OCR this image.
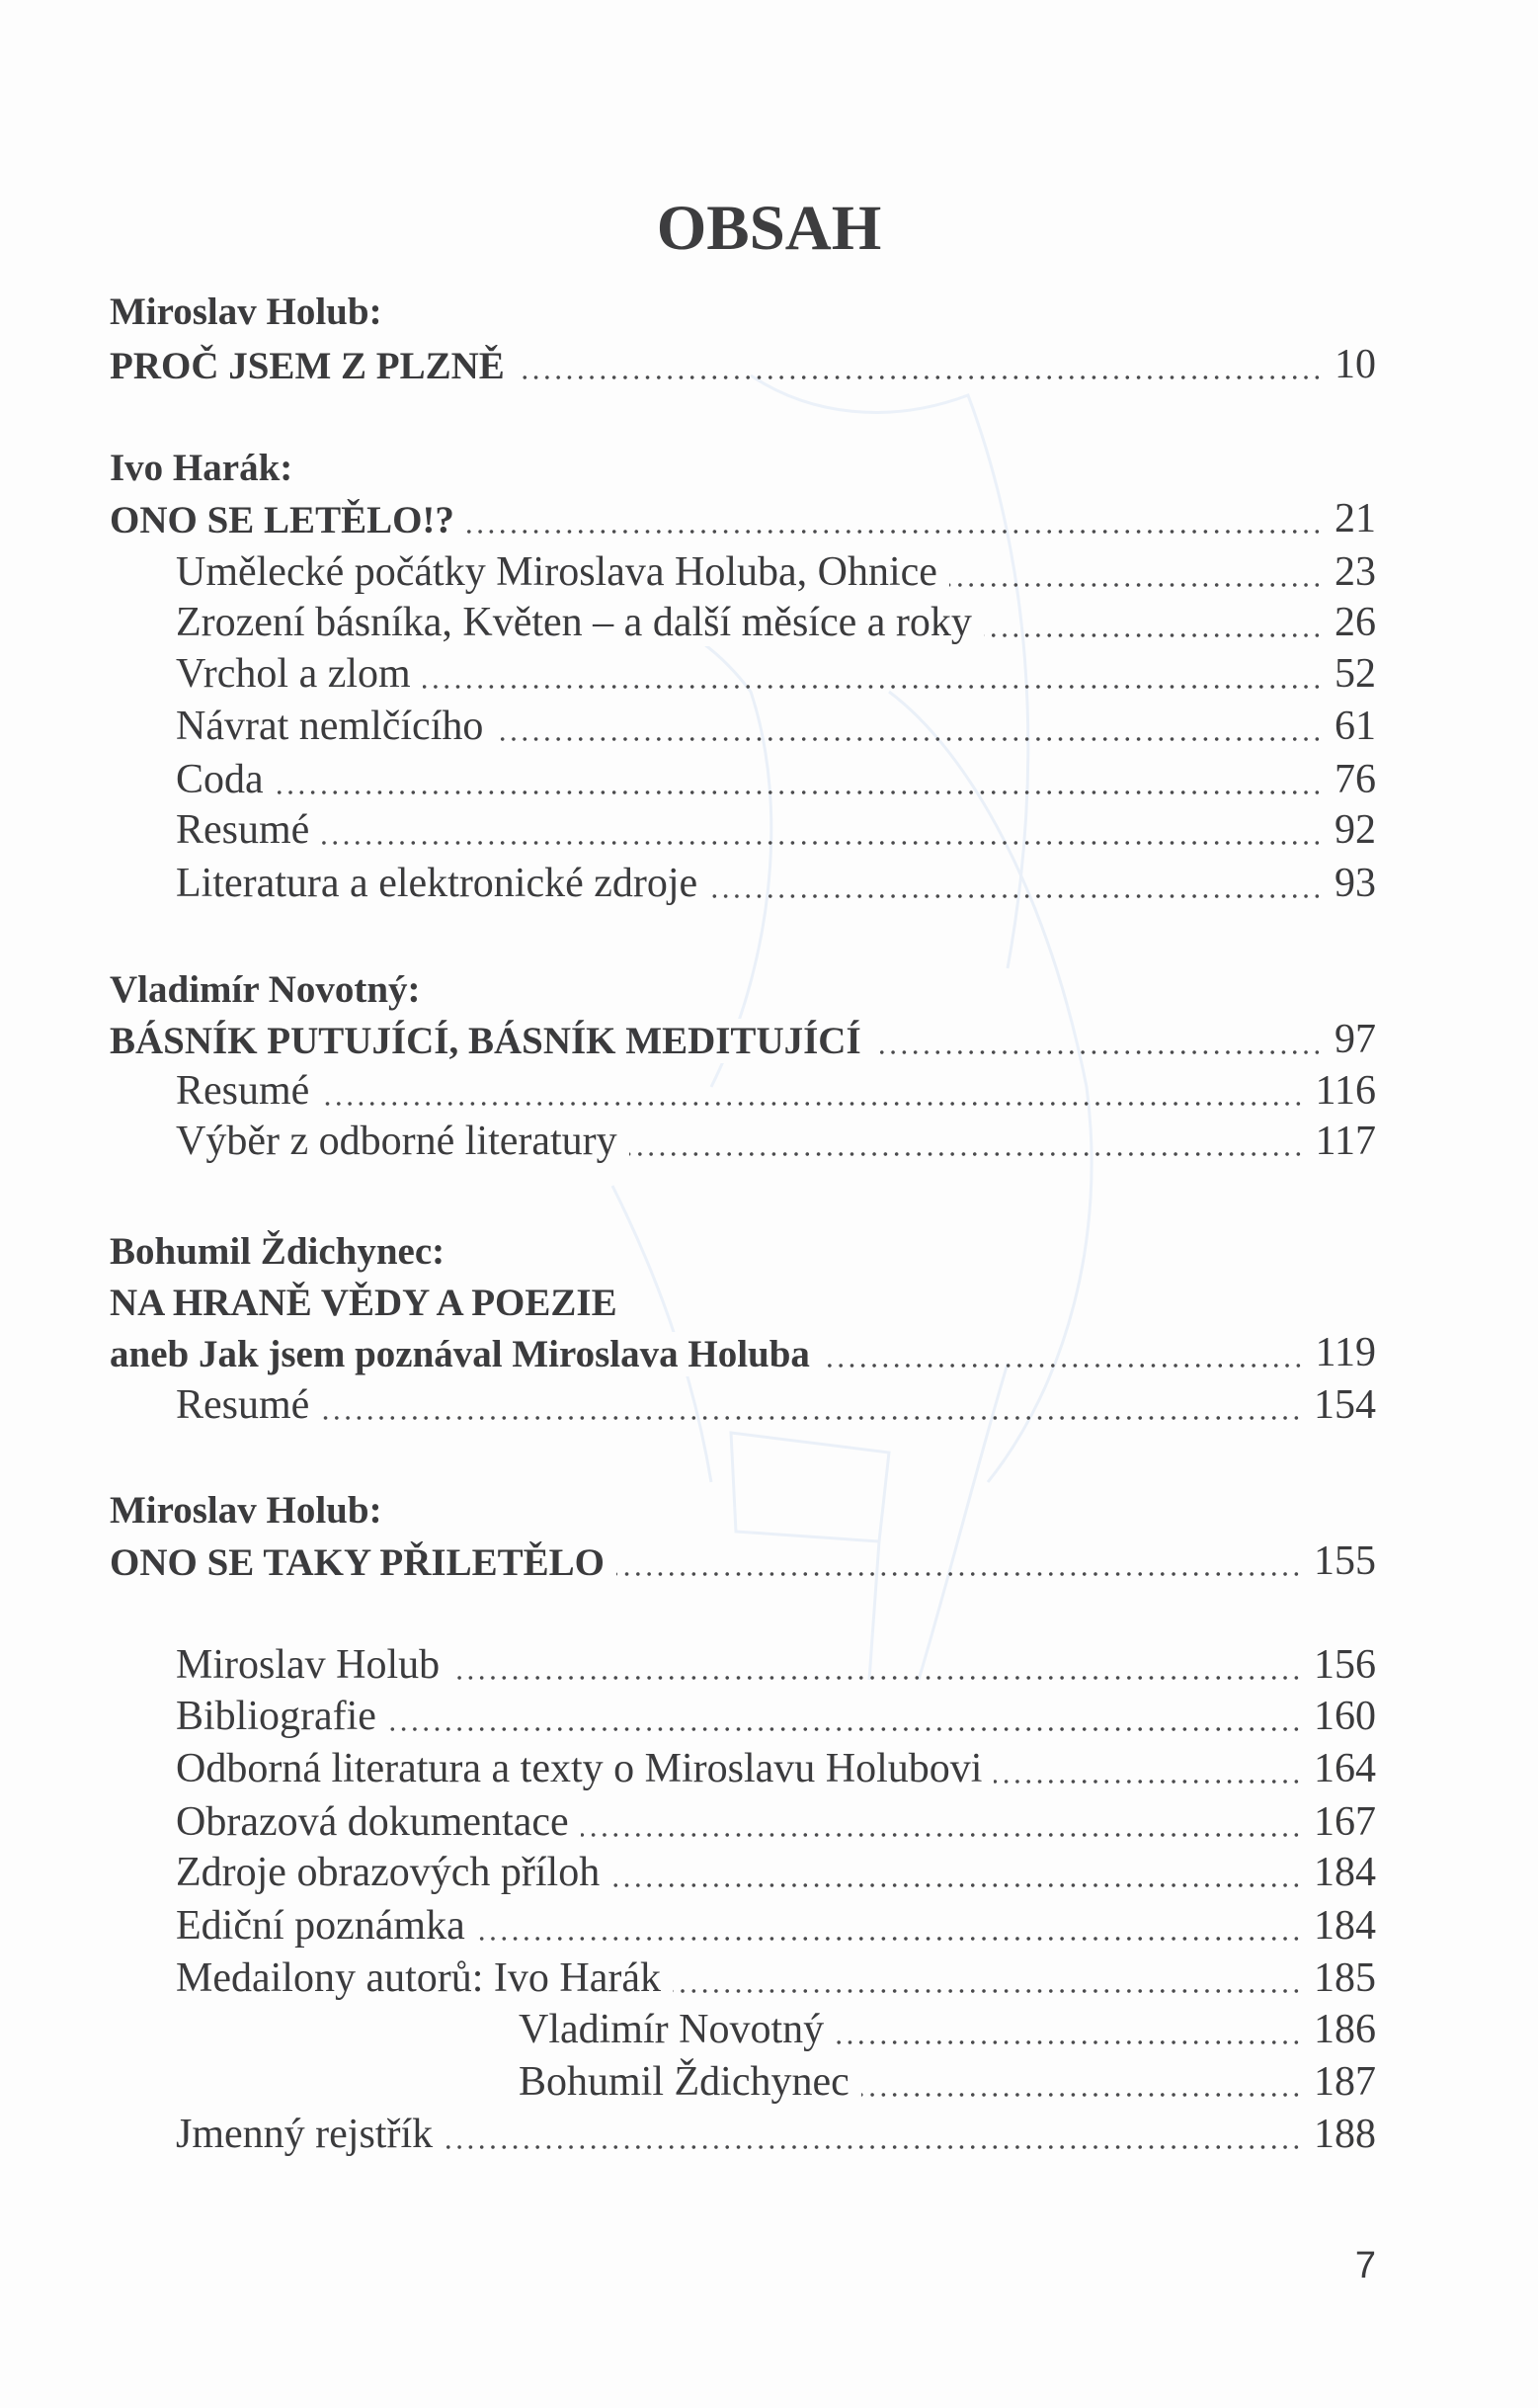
OBSAH
Miroslav Holub:
PROČ JSEM Z PLZNĚ	10
Ivo Harák:
ONO SE LETĚLO!?	21
Umělecké počátky Miroslava Holuba, Ohnice	23
Zrození básníka, Květen – a další měsíce a roky	26
Vrchol a zlom	52
Návrat nemlčícího	61
Coda	76
Resumé	92
Literatura a elektronické zdroje	93
Vladimír Novotný:
BÁSNÍK PUTUJÍCÍ, BÁSNÍK MEDITUJÍCÍ	97
Resumé	116
Výběr z odborné literatury	117
Bohumil Ždichynec:
NA HRANĚ VĚDY A POEZIE
aneb Jak jsem poznával Miroslava Holuba	119
Resumé	154
Miroslav Holub:
ONO SE TAKY PŘILETĚLO	155
Miroslav Holub	156
Bibliografie	160
Odborná literatura a texty o Miroslavu Holubovi	164
Obrazová dokumentace	167
Zdroje obrazových příloh	184
Ediční poznámka	184
Medailony autorů: Ivo Harák	185
Vladimír Novotný	186
Bohumil Ždichynec	187
Jmenný rejstřík	188
7
